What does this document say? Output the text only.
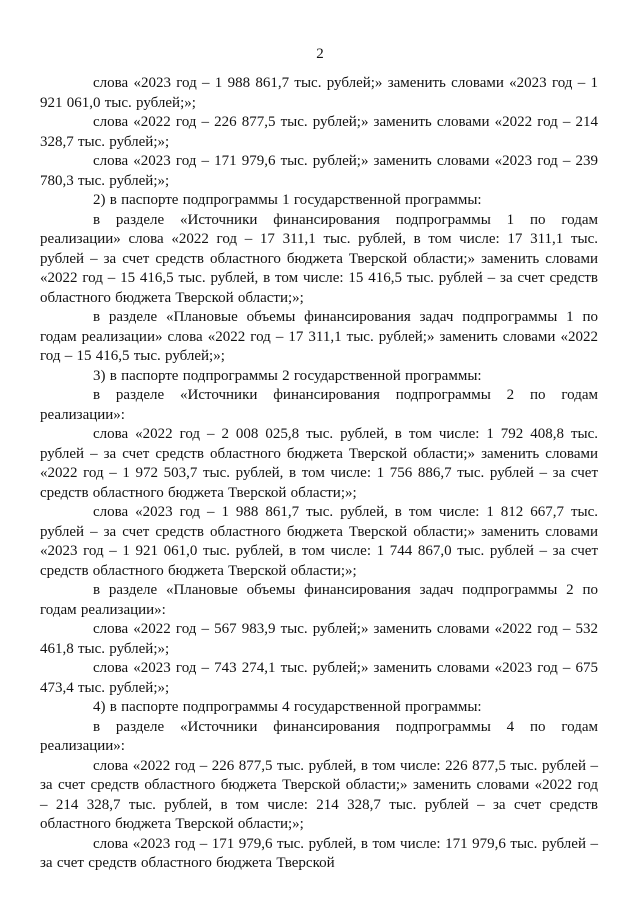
2

слова «2023 год – 1 988 861,7 тыс. рублей;» заменить словами «2023 год – 1 921 061,0 тыс. рублей;»;

слова «2022 год – 226 877,5 тыс. рублей;» заменить словами «2022 год – 214 328,7 тыс. рублей;»;

слова «2023 год – 171 979,6 тыс. рублей;» заменить словами «2023 год – 239 780,3 тыс. рублей;»;

2) в паспорте подпрограммы 1 государственной программы:

в разделе «Источники финансирования подпрограммы 1 по годам реализации» слова «2022 год – 17 311,1 тыс. рублей, в том числе: 17 311,1 тыс. рублей – за счет средств областного бюджета Тверской области;» заменить словами «2022 год – 15 416,5 тыс. рублей, в том числе: 15 416,5 тыс. рублей – за счет средств областного бюджета Тверской области;»;

в разделе «Плановые объемы финансирования задач подпрограммы 1 по годам реализации» слова «2022 год – 17 311,1 тыс. рублей;» заменить словами «2022 год – 15 416,5 тыс. рублей;»;

3) в паспорте подпрограммы 2 государственной программы:

в разделе «Источники финансирования подпрограммы 2 по годам реализации»:

слова «2022 год – 2 008 025,8 тыс. рублей, в том числе: 1 792 408,8 тыс. рублей – за счет средств областного бюджета Тверской области;» заменить словами «2022 год – 1 972 503,7 тыс. рублей, в том числе: 1 756 886,7 тыс. рублей – за счет средств областного бюджета Тверской области;»;

слова «2023 год – 1 988 861,7 тыс. рублей, в том числе: 1 812 667,7 тыс. рублей – за счет средств областного бюджета Тверской области;» заменить словами «2023 год – 1 921 061,0 тыс. рублей, в том числе: 1 744 867,0 тыс. рублей – за счет средств областного бюджета Тверской области;»;

в разделе «Плановые объемы финансирования задач подпрограммы 2 по годам реализации»:

слова «2022 год – 567 983,9 тыс. рублей;» заменить словами «2022 год – 532 461,8 тыс. рублей;»;

слова «2023 год – 743 274,1 тыс. рублей;» заменить словами «2023 год – 675 473,4 тыс. рублей;»;

4) в паспорте подпрограммы 4 государственной программы:

в разделе «Источники финансирования подпрограммы 4 по годам реализации»:

слова «2022 год – 226 877,5 тыс. рублей, в том числе: 226 877,5 тыс. рублей – за счет средств областного бюджета Тверской области;» заменить словами «2022 год – 214 328,7 тыс. рублей, в том числе: 214 328,7 тыс. рублей – за счет средств областного бюджета Тверской области;»;

слова «2023 год – 171 979,6 тыс. рублей, в том числе: 171 979,6 тыс. рублей – за счет средств областного бюджета Тверской
